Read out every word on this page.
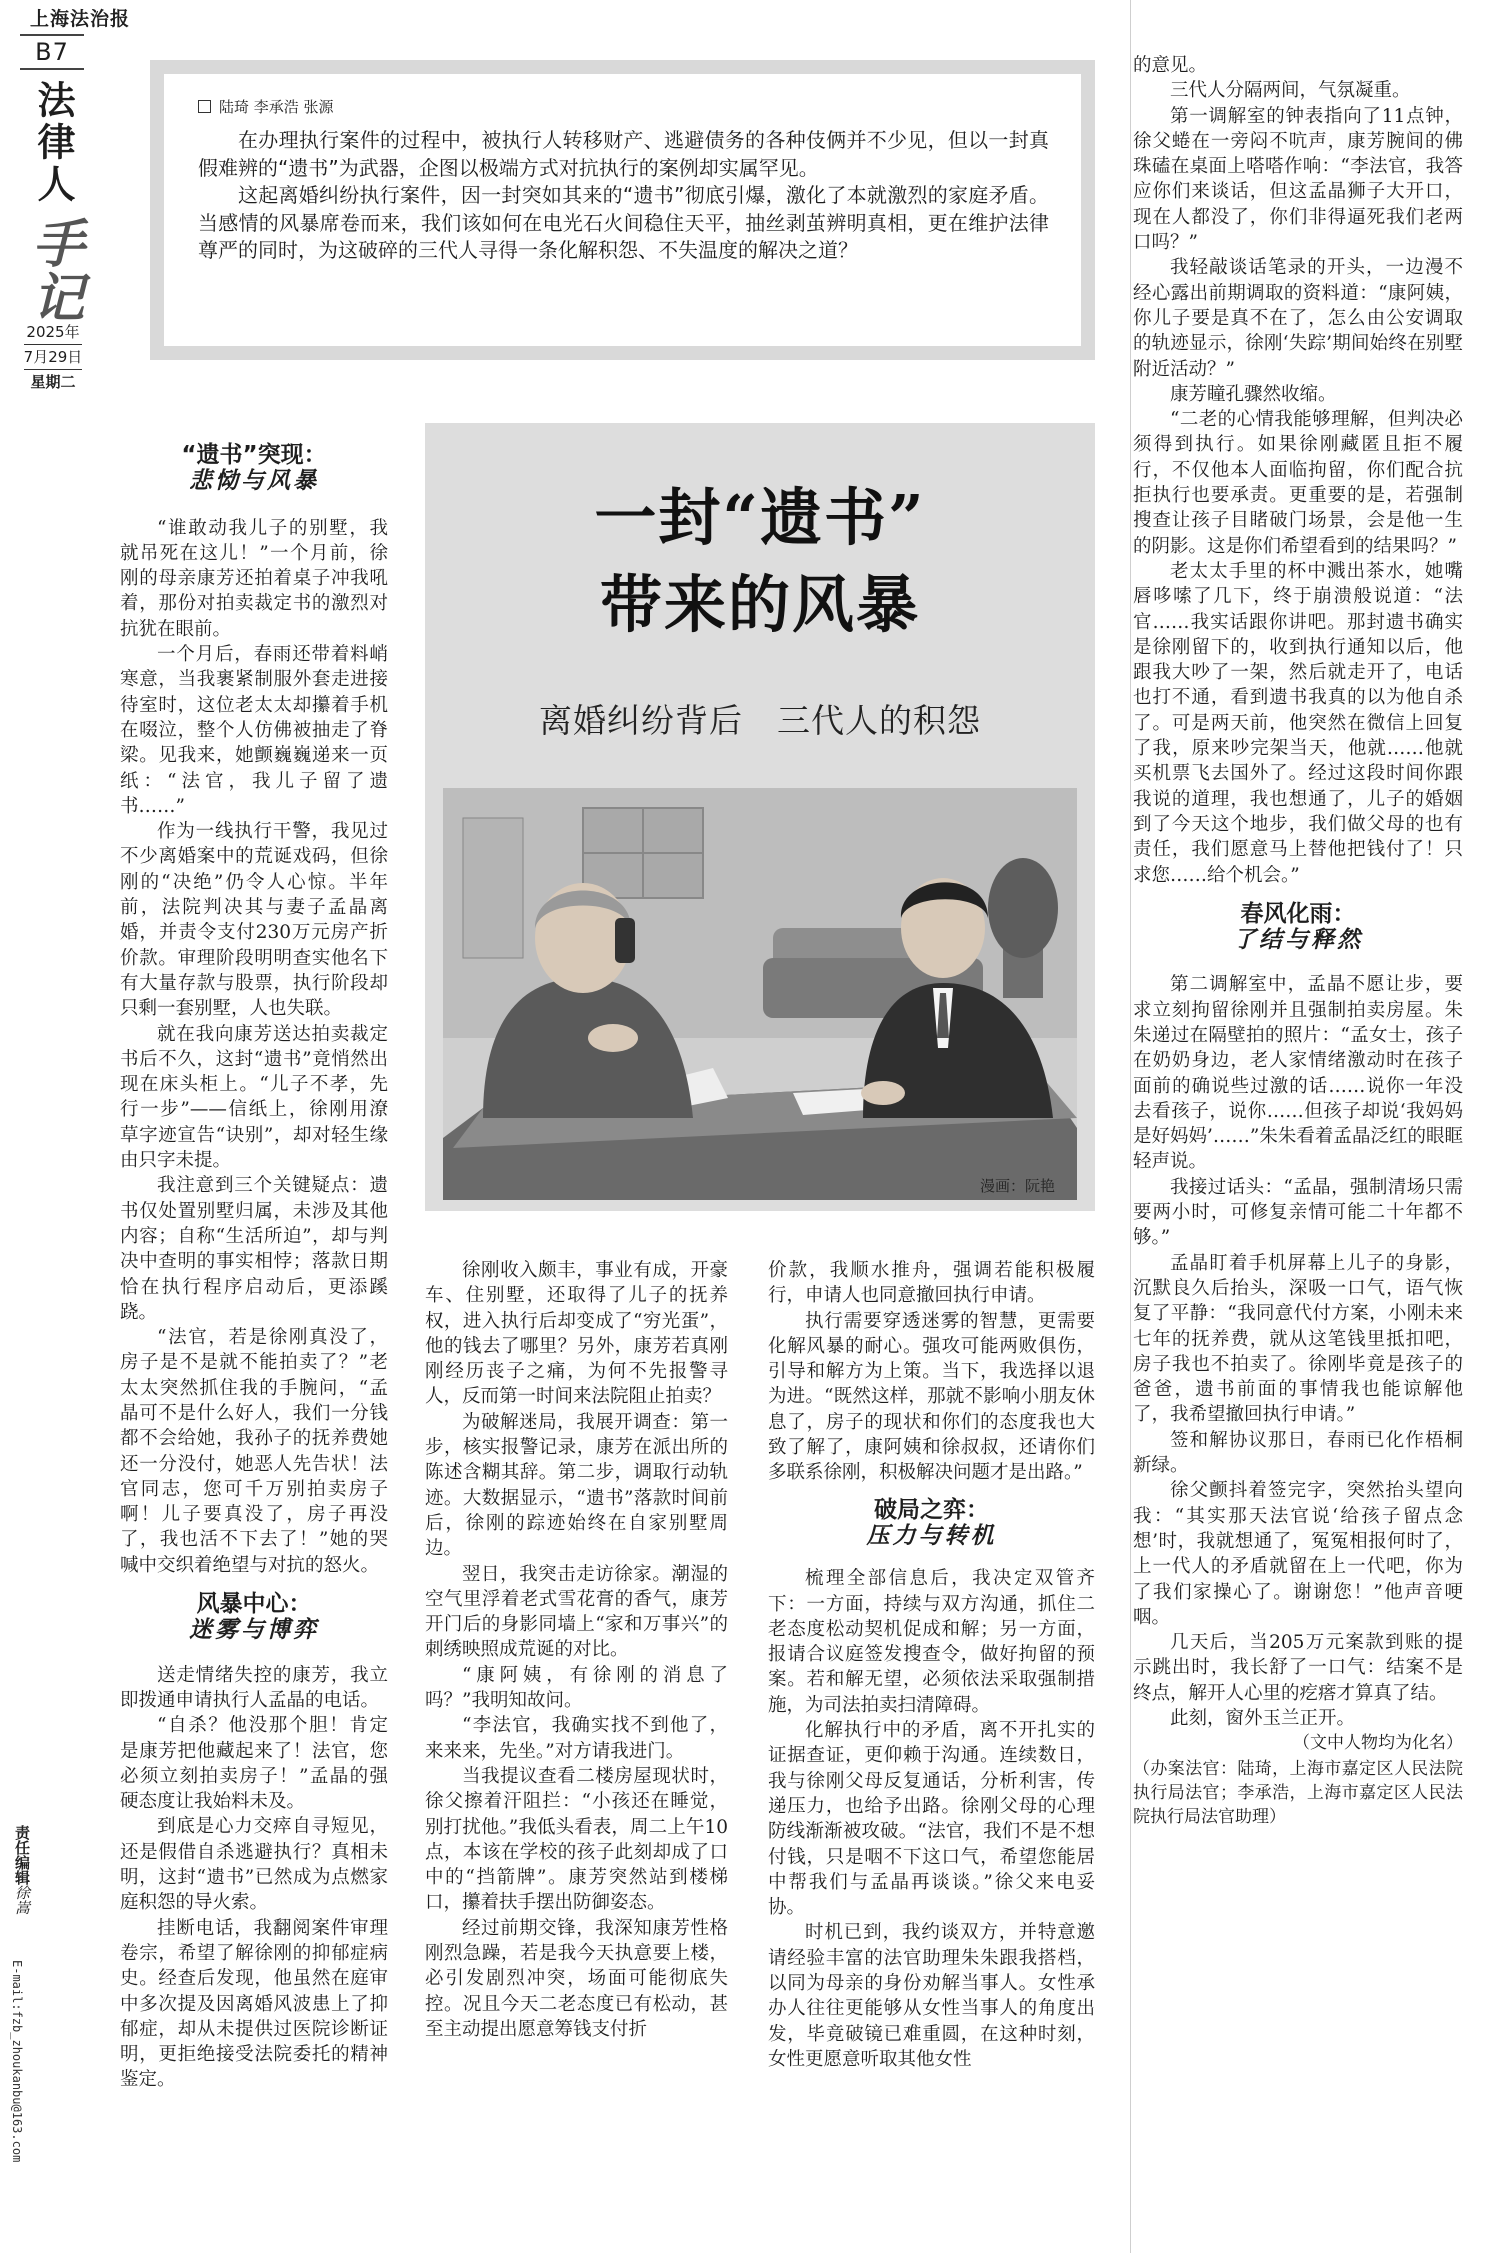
上海法治报
B7
法律人
手记
2025年
7月29日
星期二
责任编辑徐嵩
E-mail:fzb_zhoukanbu@163.com
陆琦 李承浩 张源

在办理执行案件的过程中，被执行人转移财产、逃避债务的各种伎俩并不少见，但以一封真假难辨的“遗书”为武器，企图以极端方式对抗执行的案例却实属罕见。

这起离婚纠纷执行案件，因一封突如其来的“遗书”彻底引爆，激化了本就激烈的家庭矛盾。当感情的风暴席卷而来，我们该如何在电光石火间稳住天平，抽丝剥茧辨明真相，更在维护法律尊严的同时，为这破碎的三代人寻得一条化解积怨、不失温度的解决之道？

“遗书”突现：
悲恸与风暴

“谁敢动我儿子的别墅，我就吊死在这儿！”一个月前，徐刚的母亲康芳还拍着桌子冲我吼着，那份对拍卖裁定书的激烈对抗犹在眼前。

一个月后，春雨还带着料峭寒意，当我裹紧制服外套走进接待室时，这位老太太却攥着手机在啜泣，整个人仿佛被抽走了脊梁。见我来，她颤巍巍递来一页纸：“法官，我儿子留了遗书……”

作为一线执行干警，我见过不少离婚案中的荒诞戏码，但徐刚的“决绝”仍令人心惊。半年前，法院判决其与妻子孟晶离婚，并责令支付230万元房产折价款。审理阶段明明查实他名下有大量存款与股票，执行阶段却只剩一套别墅，人也失联。

就在我向康芳送达拍卖裁定书后不久，这封“遗书”竟悄然出现在床头柜上。“儿子不孝，先行一步”——信纸上，徐刚用潦草字迹宣告“诀别”，却对轻生缘由只字未提。

我注意到三个关键疑点：遗书仅处置别墅归属，未涉及其他内容；自称“生活所迫”，却与判决中查明的事实相悖；落款日期恰在执行程序启动后，更添蹊跷。

“法官，若是徐刚真没了，房子是不是就不能拍卖了？”老太太突然抓住我的手腕问，“孟晶可不是什么好人，我们一分钱都不会给她，我孙子的抚养费她还一分没付，她恶人先告状！法官同志，您可千万别拍卖房子啊！儿子要真没了，房子再没了，我也活不下去了！”她的哭喊中交织着绝望与对抗的怒火。

风暴中心：
迷雾与博弈

送走情绪失控的康芳，我立即拨通申请执行人孟晶的电话。

“自杀？他没那个胆！肯定是康芳把他藏起来了！法官，您必须立刻拍卖房子！”孟晶的强硬态度让我始料未及。

到底是心力交瘁自寻短见，还是假借自杀逃避执行？真相未明，这封“遗书”已然成为点燃家庭积怨的导火索。

挂断电话，我翻阅案件审理卷宗，希望了解徐刚的抑郁症病史。经查后发现，他虽然在庭审中多次提及因离婚风波患上了抑郁症，却从未提供过医院诊断证明，更拒绝接受法院委托的精神鉴定。

一封“遗书”
带来的风暴
离婚纠纷背后　三代人的积怨
漫画：阮艳

徐刚收入颇丰，事业有成，开豪车、住别墅，还取得了儿子的抚养权，进入执行后却变成了“穷光蛋”，他的钱去了哪里？另外，康芳若真刚刚经历丧子之痛，为何不先报警寻人，反而第一时间来法院阻止拍卖？

为破解迷局，我展开调查：第一步，核实报警记录，康芳在派出所的陈述含糊其辞。第二步，调取行动轨迹。大数据显示，“遗书”落款时间前后，徐刚的踪迹始终在自家别墅周边。

翌日，我突击走访徐家。潮湿的空气里浮着老式雪花膏的香气，康芳开门后的身影同墙上“家和万事兴”的刺绣映照成荒诞的对比。

“康阿姨，有徐刚的消息了吗？”我明知故问。

“李法官，我确实找不到他了，来来来，先坐。”对方请我进门。

当我提议查看二楼房屋现状时，徐父擦着汗阻拦：“小孩还在睡觉，别打扰他。”我低头看表，周二上午10点，本该在学校的孩子此刻却成了口中的“挡箭牌”。康芳突然站到楼梯口，攥着扶手摆出防御姿态。

经过前期交锋，我深知康芳性格刚烈急躁，若是我今天执意要上楼，必引发剧烈冲突，场面可能彻底失控。况且今天二老态度已有松动，甚至主动提出愿意筹钱支付折

价款，我顺水推舟，强调若能积极履行，申请人也同意撤回执行申请。

执行需要穿透迷雾的智慧，更需要化解风暴的耐心。强攻可能两败俱伤，引导和解方为上策。当下，我选择以退为进。“既然这样，那就不影响小朋友休息了，房子的现状和你们的态度我也大致了解了，康阿姨和徐叔叔，还请你们多联系徐刚，积极解决问题才是出路。”

破局之弈：
压力与转机

梳理全部信息后，我决定双管齐下：一方面，持续与双方沟通，抓住二老态度松动契机促成和解；另一方面，报请合议庭签发搜查令，做好拘留的预案。若和解无望，必须依法采取强制措施，为司法拍卖扫清障碍。

化解执行中的矛盾，离不开扎实的证据查证，更仰赖于沟通。连续数日，我与徐刚父母反复通话，分析利害，传递压力，也给予出路。徐刚父母的心理防线渐渐被攻破。“法官，我们不是不想付钱，只是咽不下这口气，希望您能居中帮我们与孟晶再谈谈。”徐父来电妥协。

时机已到，我约谈双方，并特意邀请经验丰富的法官助理朱朱跟我搭档，以同为母亲的身份劝解当事人。女性承办人往往更能够从女性当事人的角度出发，毕竟破镜已难重圆，在这种时刻，女性更愿意听取其他女性

的意见。

三代人分隔两间，气氛凝重。

第一调解室的钟表指向了11点钟，徐父蜷在一旁闷不吭声，康芳腕间的佛珠磕在桌面上嗒嗒作响：“李法官，我答应你们来谈话，但这孟晶狮子大开口，现在人都没了，你们非得逼死我们老两口吗？”

我轻敲谈话笔录的开头，一边漫不经心露出前期调取的资料道：“康阿姨，你儿子要是真不在了，怎么由公安调取的轨迹显示，徐刚‘失踪’期间始终在别墅附近活动？”

康芳瞳孔骤然收缩。

“二老的心情我能够理解，但判决必须得到执行。如果徐刚藏匿且拒不履行，不仅他本人面临拘留，你们配合抗拒执行也要承责。更重要的是，若强制搜查让孩子目睹破门场景，会是他一生的阴影。这是你们希望看到的结果吗？”

老太太手里的杯中溅出茶水，她嘴唇哆嗦了几下，终于崩溃般说道：“法官……我实话跟你讲吧。那封遗书确实是徐刚留下的，收到执行通知以后，他跟我大吵了一架，然后就走开了，电话也打不通，看到遗书我真的以为他自杀了。可是两天前，他突然在微信上回复了我，原来吵完架当天，他就……他就买机票飞去国外了。经过这段时间你跟我说的道理，我也想通了，儿子的婚姻到了今天这个地步，我们做父母的也有责任，我们愿意马上替他把钱付了！只求您……给个机会。”

春风化雨：
了结与释然

第二调解室中，孟晶不愿让步，要求立刻拘留徐刚并且强制拍卖房屋。朱朱递过在隔壁拍的照片：“孟女士，孩子在奶奶身边，老人家情绪激动时在孩子面前的确说些过激的话……说你一年没去看孩子，说你……但孩子却说‘我妈妈是好妈妈’……”朱朱看着孟晶泛红的眼眶轻声说。

我接过话头：“孟晶，强制清场只需要两小时，可修复亲情可能二十年都不够。”

孟晶盯着手机屏幕上儿子的身影，沉默良久后抬头，深吸一口气，语气恢复了平静：“我同意代付方案，小刚未来七年的抚养费，就从这笔钱里抵扣吧，房子我也不拍卖了。徐刚毕竟是孩子的爸爸，遗书前面的事情我也能谅解他了，我希望撤回执行申请。”

签和解协议那日，春雨已化作梧桐新绿。

徐父颤抖着签完字，突然抬头望向我：“其实那天法官说‘给孩子留点念想’时，我就想通了，冤冤相报何时了，上一代人的矛盾就留在上一代吧，你为了我们家操心了。谢谢您！”他声音哽咽。

几天后，当205万元案款到账的提示跳出时，我长舒了一口气：结案不是终点，解开人心里的疙瘩才算真了结。

此刻，窗外玉兰正开。

（文中人物均为化名）

（办案法官：陆琦，上海市嘉定区人民法院执行局法官；李承浩，上海市嘉定区人民法院执行局法官助理）
